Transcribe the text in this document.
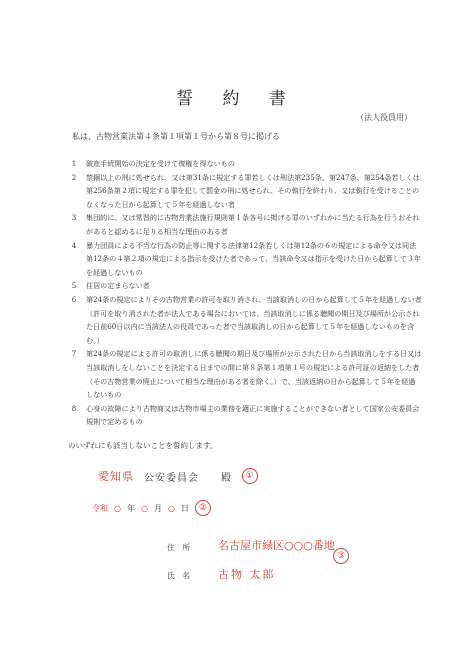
誓 約 書
（法人役員用）
私は、古物営業法第４条第１項第１号から第８号に掲げる
1	破産手続開始の決定を受けて復権を得ないもの
2	禁錮以上の刑に処せられ、又は第31条に規定する罪若しくは刑法第235条、第247条、第254条若しくは第256条第２項に規定する罪を犯して罰金の刑に処せられ、その執行を終わり、又は執行を受けることのなくなった日から起算して５年を経過しない者
3	集団的に、又は常習的に古物営業法施行規則第１条各号に掲げる罪のいずれかに当たる行為を行うおそれがあると認めるに足りる相当な理由のある者
4	暴力団員による不当な行為の防止等に関する法律第12条若しくは第12条の６の規定による命令又は同法第12条の４第２項の規定による指示を受けた者であって、当該命令又は指示を受けた日から起算して３年を経過しないもの
5	住居の定まらない者
6	第24条の規定によりその古物営業の許可を取り消され、当該取消しの日から起算して５年を経過しない者（許可を取り消された者が法人である場合においては、当該取消しに係る聴聞の期日及び場所が公示された日前60日以内に当該法人の役員であった者で当該取消しの日から起算して５年を経過しないものを含む。）
7	第24条の規定による許可の取消しに係る聴聞の期日及び場所が公示された日から当該取消しをする日又は当該取消しをしないことを決定する日までの間に第８条第１項第１号の規定による許可証の返納をした者（その古物営業の廃止について相当な理由がある者を除く。）で、当該返納の日から起算して５年を経過しないもの
8	心身の故障により古物商又は古物市場主の業務を適正に実施することができない者として国家公安委員会規則で定めるもの
のいずれにも該当しないことを誓約します。
愛知県 公安委員会 殿	①
令和 ○ 年 ○ 月 ○ 日	②
住所 名古屋市緑区○○○番地
③
氏名 古物 太郎
